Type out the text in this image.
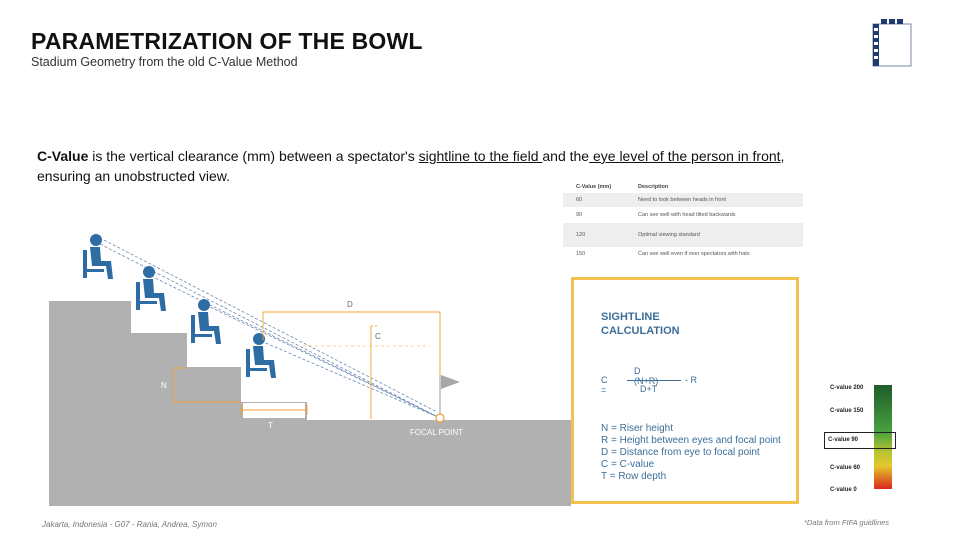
PARAMETRIZATION OF THE BOWL
Stadium Geometry from the old C-Value Method
C-Value is the vertical clearance (mm) between a spectator's sightline to the field and the eye level of the person in front,
ensuring an unobstructed view.
C-Value (mm)	Description
60	Need to look between heads in front
90	Can see well with head tilted backwards
120	Optimal viewing standard
150	Can see well even if over spectators with hats
D
C
R
N
T
FOCAL POINT
SIGHTLINE
CALCULATION
C =
D (N+R)
D+T
- R
N = Riser height
R = Height between eyes and focal point
D = Distance from eye to focal point
C = C-value
T = Row depth
C-value 200
C-value 150
C-value 90
C-value 60
C-value 0
Jakarta, Indonesia - G07 - Rania, Andrea, Symon	*Data from FIFA guidlines
